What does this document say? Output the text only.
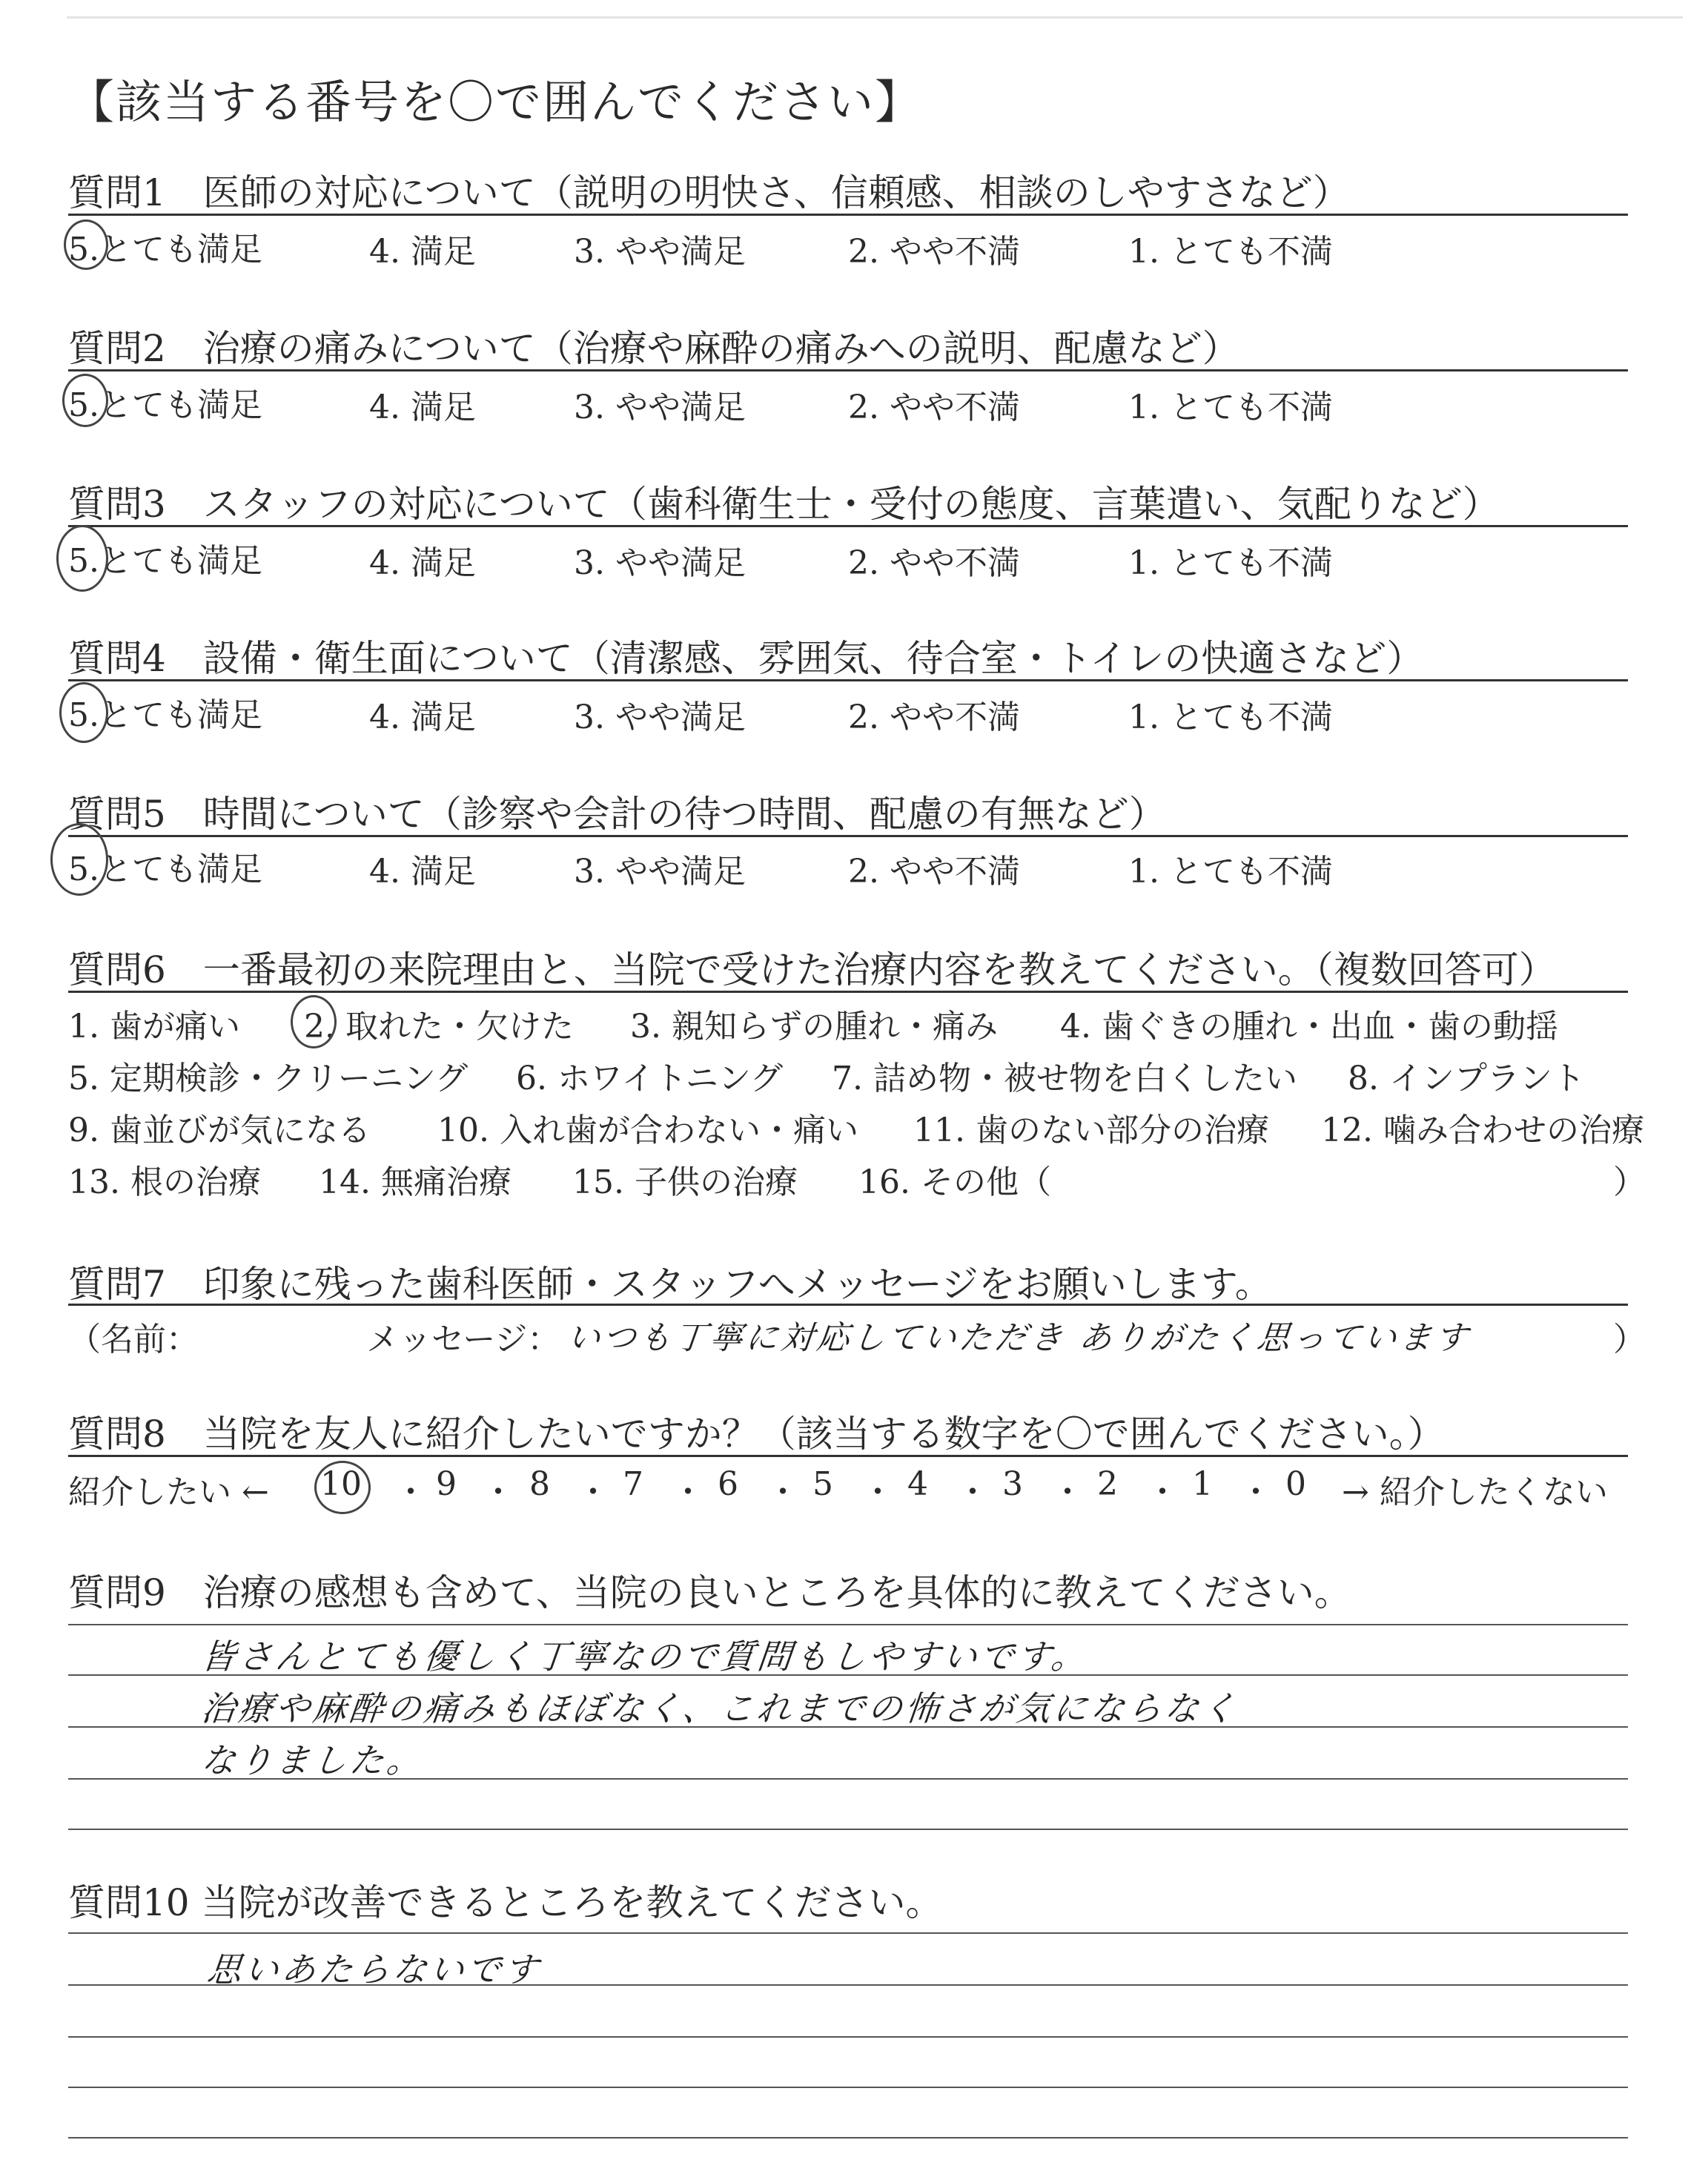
【該当する番号を〇で囲んでください】
質問1　医師の対応について（説明の明快さ、信頼感、相談のしやすさなど）
5.とても満足	4. 満足	3. やや満足	2. やや不満	1. とても不満
質問2　治療の痛みについて（治療や麻酔の痛みへの説明、配慮など）
5.とても満足	4. 満足	3. やや満足	2. やや不満	1. とても不満
質問3　スタッフの対応について（歯科衛生士・受付の態度、言葉遣い、気配りなど）
5.とても満足	4. 満足	3. やや満足	2. やや不満	1. とても不満
質問4　設備・衛生面について（清潔感、雰囲気、待合室・トイレの快適さなど）
5.とても満足	4. 満足	3. やや満足	2. やや不満	1. とても不満
質問5　時間について（診察や会計の待つ時間、配慮の有無など）
5.とても満足	4. 満足	3. やや満足	2. やや不満	1. とても不満
質問6　一番最初の来院理由と、当院で受けた治療内容を教えてください。（複数回答可）
1. 歯が痛い 2. 取れた・欠けた 3. 親知らずの腫れ・痛み 4. 歯ぐきの腫れ・出血・歯の動揺
5. 定期検診・クリーニング 6. ホワイトニング 7. 詰め物・被せ物を白くしたい 8. インプラント
9. 歯並びが気になる 10. 入れ歯が合わない・痛い 11. 歯のない部分の治療 12. 噛み合わせの治療
13. 根の治療 14. 無痛治療 15. 子供の治療 16. その他（	）
質問7　印象に残った歯科医師・スタッフへメッセージをお願いします。
（名前：	メッセージ： いつも丁寧に対応していただき ありがたく思っています	）
質問8　当院を友人に紹介したいですか？（該当する数字を〇で囲んでください。）
紹介したい ← 10 ・ 9 ・ 8 ・ 7 ・ 6 ・ 5 ・ 4 ・ 3 ・ 2 ・ 1 ・ 0 → 紹介したくない
質問9　治療の感想も含めて、当院の良いところを具体的に教えてください。
皆さんとても優しく丁寧なので質問もしやすいです。
治療や麻酔の痛みもほぼなく、これまでの怖さが気にならなく
なりました。
質問10 当院が改善できるところを教えてください。
思いあたらないです
